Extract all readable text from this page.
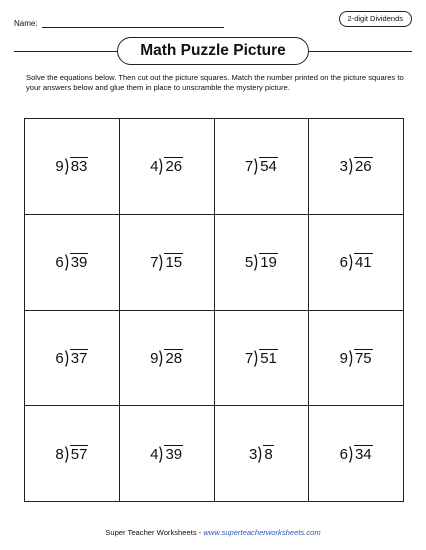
Name:
2-digit Dividends
Math Puzzle Picture
Solve the equations below. Then cut out the picture squares. Match the number printed on the picture squares to your answers below and glue them in place to unscramble the mystery picture.
9 83	4 26	7 54	3 26
6 39	7 15	5 19	6 41
6 37	9 28	7 51	9 75
8 57	4 39	3 8	6 34
Super Teacher Worksheets - www.superteacherworksheets.com
